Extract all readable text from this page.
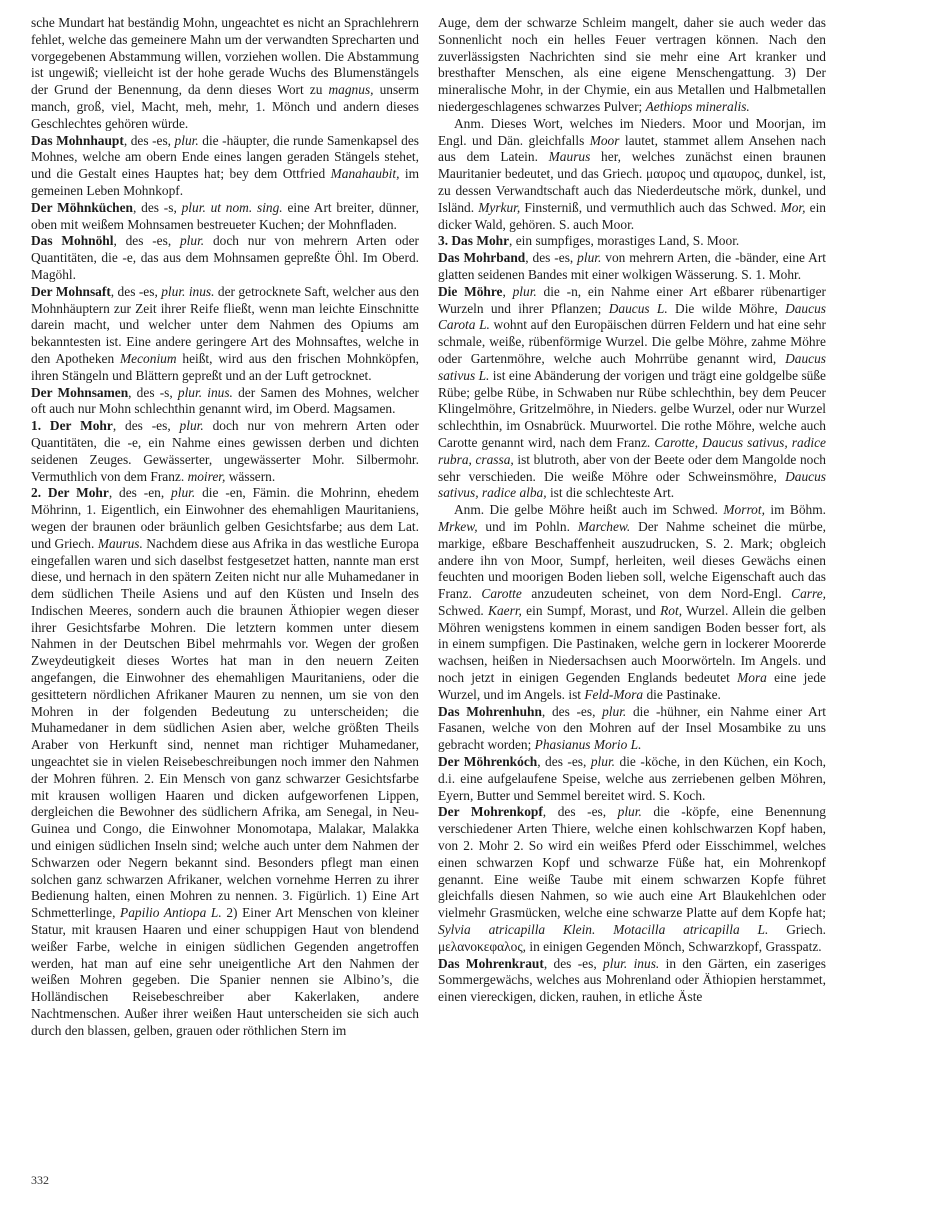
sche Mundart hat beständig Mohn, ungeachtet es nicht an Sprachlehrern fehlet, welche das gemeinere Mahn um der verwandten Sprecharten und vorgegebenen Abstammung willen, vorziehen wollen. Die Abstammung ist ungewiß; vielleicht ist der hohe gerade Wuchs des Blumenstängels der Grund der Benennung, da denn dieses Wort zu magnus, unserm manch, groß, viel, Macht, meh, mehr, 1. Mönch und andern dieses Geschlechtes gehören würde.

Das Mohnhaupt, des -es, plur. die -häupter, die runde Samenkapsel des Mohnes, welche am obern Ende eines langen geraden Stängels stehet, und die Gestalt eines Hauptes hat; bey dem Ottfried Manahaubit, im gemeinen Leben Mohnkopf.

Der Möhnküchen, des -s, plur. ut nom. sing. eine Art breiter, dünner, oben mit weißem Mohnsamen bestreueter Kuchen; der Mohnfladen.

Das Mohnöhl, des -es, plur. doch nur von mehrern Arten oder Quantitäten, die -e, das aus dem Mohnsamen gepreßte Öhl. Im Oberd. Magöhl.

Der Mohnsaft, des -es, plur. inus. der getrocknete Saft, welcher aus den Mohnhäuptern zur Zeit ihrer Reife fließt, wenn man leichte Einschnitte darein macht, und welcher unter dem Nahmen des Opiums am bekanntesten ist. Eine andere geringere Art des Mohnsaftes, welche in den Apotheken Meconium heißt, wird aus den frischen Mohnköpfen, ihren Stängeln und Blättern gepreßt und an der Luft getrocknet.

Der Mohnsamen, des -s, plur. inus. der Samen des Mohnes, welcher oft auch nur Mohn schlechthin genannt wird, im Oberd. Magsamen.

1. Der Mohr, des -es, plur. doch nur von mehrern Arten oder Quantitäten, die -e, ein Nahme eines gewissen derben und dichten seidenen Zeuges. Gewässerter, ungewässerter Mohr. Silbermohr. Vermuthlich von dem Franz. moirer, wässern.

2. Der Mohr, des -en, plur. die -en, Fämin. die Mohrinn, ehedem Möhrinn, 1. Eigentlich, ein Einwohner des ehemahligen Mauritaniens, wegen der braunen oder bräunlich gelben Gesichtsfarbe; aus dem Lat. und Griech. Maurus. Nachdem diese aus Afrika in das westliche Europa eingefallen waren und sich daselbst festgesetzet hatten, nannte man erst diese, und hernach in den spätern Zeiten nicht nur alle Muhamedaner in dem südlichen Theile Asiens und auf den Küsten und Inseln des Indischen Meeres, sondern auch die braunen Äthiopier wegen dieser ihrer Gesichtsfarbe Mohren. Die letztern kommen unter diesem Nahmen in der Deutschen Bibel mehrmahls vor. Wegen der großen Zweydeutigkeit dieses Wortes hat man in den neuern Zeiten angefangen, die Einwohner des ehemahligen Mauritaniens, oder die gesittetern nördlichen Afrikaner Mauren zu nennen, um sie von den Mohren in der folgenden Bedeutung zu unterscheiden; die Muhamedaner in dem südlichen Asien aber, welche größten Theils Araber von Herkunft sind, nennet man richtiger Muhamedaner, ungeachtet sie in vielen Reisebeschreibungen noch immer den Nahmen der Mohren führen. 2. Ein Mensch von ganz schwarzer Gesichtsfarbe mit krausen wolligen Haaren und dicken aufgeworfenen Lippen, dergleichen die Bewohner des südlichern Afrika, am Senegal, in Neu-Guinea und Congo, die Einwohner Monomotapa, Malakar, Malakka und einigen südlichen Inseln sind; welche auch unter dem Nahmen der Schwarzen oder Negern bekannt sind. Besonders pflegt man einen solchen ganz schwarzen Afrikaner, welchen vornehme Herren zu ihrer Bedienung halten, einen Mohren zu nennen. 3. Figürlich. 1) Eine Art Schmetterlinge, Papilio Antiopa L. 2) Einer Art Menschen von kleiner Statur, mit krausen Haaren und einer schuppigen Haut von blendend weißer Farbe, welche in einigen südlichen Gegenden angetroffen werden, hat man auf eine sehr uneigentliche Art den Nahmen der weißen Mohren gegeben. Die Spanier nennen sie Albino’s, die Holländischen Reisebeschreiber aber Kakerlaken, andere Nachtmenschen. Außer ihrer weißen Haut unterscheiden sie sich auch durch den blassen, gelben, grauen oder röthlichen Stern im

Auge, dem der schwarze Schleim mangelt, daher sie auch weder das Sonnenlicht noch ein helles Feuer vertragen können. Nach den zuverlässigsten Nachrichten sind sie mehr eine Art kranker und bresthafter Menschen, als eine eigene Menschengattung. 3) Der mineralische Mohr, in der Chymie, ein aus Metallen und Halbmetallen niedergeschlagenes schwarzes Pulver; Aethiops mineralis.

Anm. Dieses Wort, welches im Nieders. Moor und Moorjan, im Engl. und Dän. gleichfalls Moor lautet, stammet allem Ansehen nach aus dem Latein. Maurus her, welches zunächst einen braunen Mauritanier bedeutet, und das Griech. μαυρος und αμαυρος, dunkel, ist, zu dessen Verwandtschaft auch das Niederdeutsche mörk, dunkel, und Isländ. Myrkur, Finsterniß, und vermuthlich auch das Schwed. Mor, ein dicker Wald, gehören. S. auch Moor.

3. Das Mohr, ein sumpfiges, morastiges Land, S. Moor.

Das Mohrband, des -es, plur. von mehrern Arten, die -bänder, eine Art glatten seidenen Bandes mit einer wolkigen Wässerung. S. 1. Mohr.

Die Möhre, plur. die -n, ein Nahme einer Art eßbarer rübenartiger Wurzeln und ihrer Pflanzen; Daucus L. Die wilde Möhre, Daucus Carota L. wohnt auf den Europäischen dürren Feldern und hat eine sehr schmale, weiße, rübenförmige Wurzel. Die gelbe Möhre, zahme Möhre oder Gartenmöhre, welche auch Mohrrübe genannt wird, Daucus sativus L. ist eine Abänderung der vorigen und trägt eine goldgelbe süße Rübe; gelbe Rübe, in Schwaben nur Rübe schlechthin, bey dem Peucer Klingelmöhre, Gritzelmöhre, in Nieders. gelbe Wurzel, oder nur Wurzel schlechthin, im Osnabrück. Muurwortel. Die rothe Möhre, welche auch Carotte genannt wird, nach dem Franz. Carotte, Daucus sativus, radice rubra, crassa, ist blutroth, aber von der Beete oder dem Mangolde noch sehr verschieden. Die weiße Möhre oder Schweinsmöhre, Daucus sativus, radice alba, ist die schlechteste Art.

Anm. Die gelbe Möhre heißt auch im Schwed. Morrot, im Böhm. Mrkew, und im Pohln. Marchew. Der Nahme scheinet die mürbe, markige, eßbare Beschaffenheit auszudrucken, S. 2. Mark; obgleich andere ihn von Moor, Sumpf, herleiten, weil dieses Gewächs einen feuchten und moorigen Boden lieben soll, welche Eigenschaft auch das Franz. Carotte anzudeuten scheinet, von dem Nord-Engl. Carre, Schwed. Kaerr, ein Sumpf, Morast, und Rot, Wurzel. Allein die gelben Möhren wenigstens kommen in einem sandigen Boden besser fort, als in einem sumpfigen. Die Pastinaken, welche gern in lockerer Moorerde wachsen, heißen in Niedersachsen auch Moorwörteln. Im Angels. und noch jetzt in einigen Gegenden Englands bedeutet Mora eine jede Wurzel, und im Angels. ist Feld-Mora die Pastinake.

Das Mohrenhuhn, des -es, plur. die -hühner, ein Nahme einer Art Fasanen, welche von den Mohren auf der Insel Mosambike zu uns gebracht worden; Phasianus Morio L.

Der Möhrenkóch, des -es, plur. die -köche, in den Küchen, ein Koch, d.i. eine aufgelaufene Speise, welche aus zerriebenen gelben Möhren, Eyern, Butter und Semmel bereitet wird. S. Koch.

Der Mohrenkopf, des -es, plur. die -köpfe, eine Benennung verschiedener Arten Thiere, welche einen kohlschwarzen Kopf haben, von 2. Mohr 2. So wird ein weißes Pferd oder Eisschimmel, welches einen schwarzen Kopf und schwarze Füße hat, ein Mohrenkopf genannt. Eine weiße Taube mit einem schwarzen Kopfe führet gleichfalls diesen Nahmen, so wie auch eine Art Blaukehlchen oder vielmehr Grasmücken, welche eine schwarze Platte auf dem Kopfe hat; Sylvia atricapilla Klein. Motacilla atricapilla L. Griech. μελανοκεφαλος, in einigen Gegenden Mönch, Schwarzkopf, Grasspatz.

Das Mohrenkraut, des -es, plur. inus. in den Gärten, ein zaseriges Sommergewächs, welches aus Mohrenland oder Äthiopien herstammet, einen viereckigen, dicken, rauhen, in etliche Äste

332
